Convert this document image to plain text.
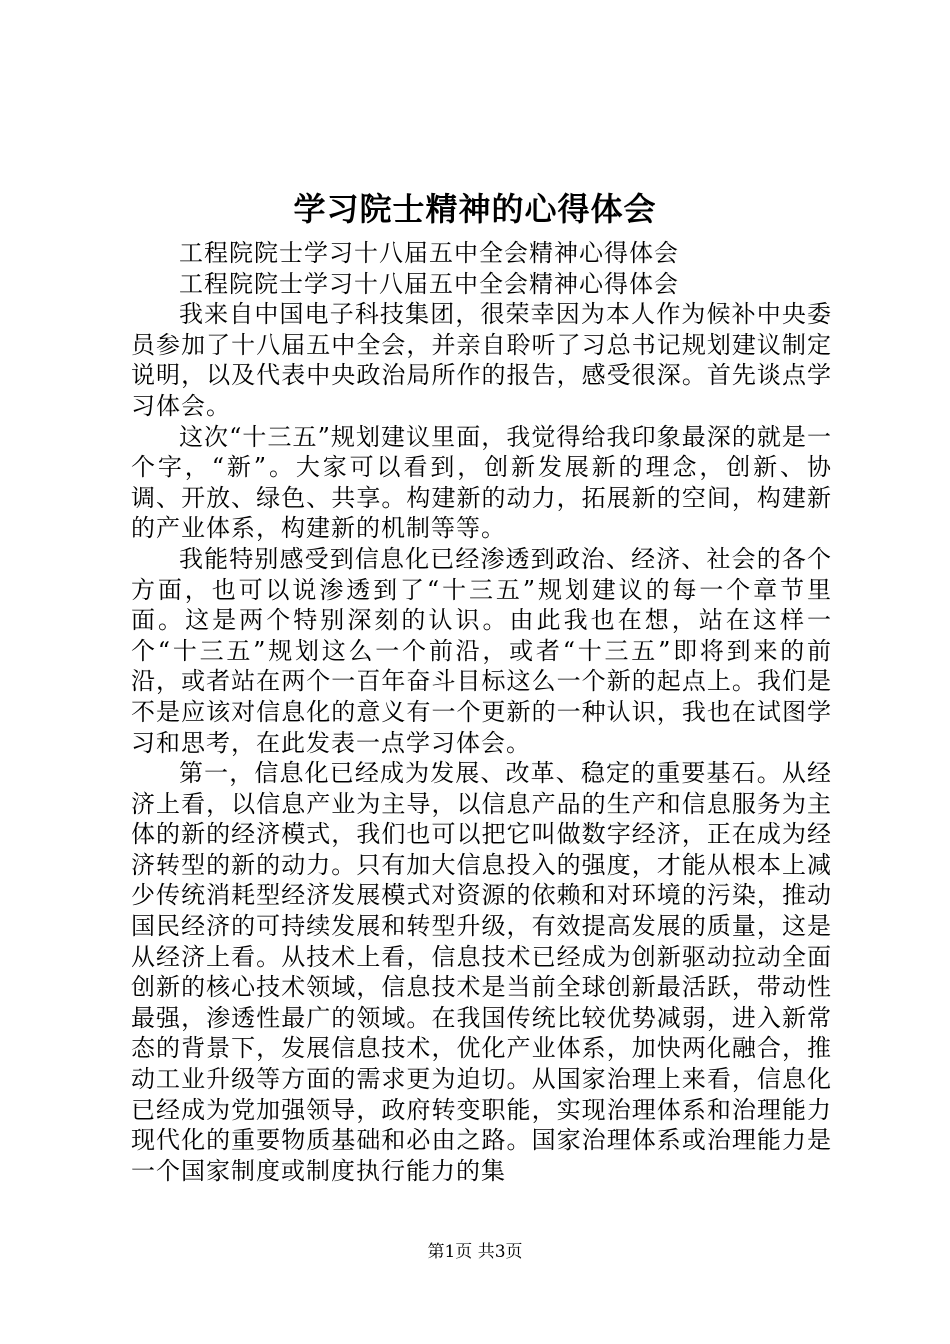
学习院士精神的心得体会

工程院院士学习十八届五中全会精神心得体会

工程院院士学习十八届五中全会精神心得体会

我来自中国电子科技集团，很荣幸因为本人作为候补中央委员参加了十八届五中全会，并亲自聆听了习总书记规划建议制定说明，以及代表中央政治局所作的报告，感受很深。首先谈点学习体会。

这次“十三五”规划建议里面，我觉得给我印象最深的就是一个字，“新”。大家可以看到，创新发展新的理念，创新、协调、开放、绿色、共享。构建新的动力，拓展新的空间，构建新的产业体系，构建新的机制等等。

我能特别感受到信息化已经渗透到政治、经济、社会的各个方面，也可以说渗透到了“十三五”规划建议的每一个章节里面。这是两个特别深刻的认识。由此我也在想，站在这样一个“十三五”规划这么一个前沿，或者“十三五”即将到来的前沿，或者站在两个一百年奋斗目标这么一个新的起点上。我们是不是应该对信息化的意义有一个更新的一种认识，我也在试图学习和思考，在此发表一点学习体会。

第一，信息化已经成为发展、改革、稳定的重要基石。从经济上看，以信息产业为主导，以信息产品的生产和信息服务为主体的新的经济模式，我们也可以把它叫做数字经济，正在成为经济转型的新的动力。只有加大信息投入的强度，才能从根本上减少传统消耗型经济发展模式对资源的依赖和对环境的污染，推动国民经济的可持续发展和转型升级，有效提高发展的质量，这是从经济上看。从技术上看，信息技术已经成为创新驱动拉动全面创新的核心技术领域，信息技术是当前全球创新最活跃，带动性最强，渗透性最广的领域。在我国传统比较优势减弱，进入新常态的背景下，发展信息技术，优化产业体系，加快两化融合，推动工业升级等方面的需求更为迫切。从国家治理上来看，信息化已经成为党加强领导，政府转变职能，实现治理体系和治理能力现代化的重要物质基础和必由之路。国家治理体系或治理能力是一个国家制度或制度执行能力的集

第1页 共3页
